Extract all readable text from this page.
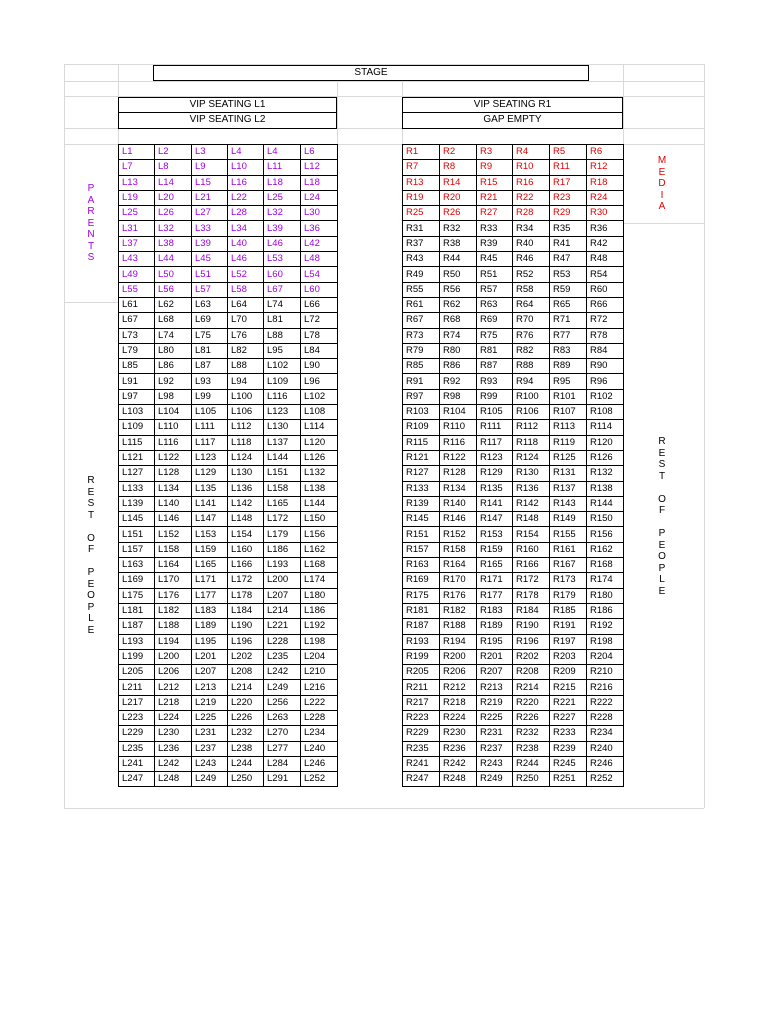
STAGE
VIP SEATING L1
VIP SEATING L2
VIP SEATING R1
GAP EMPTY
P
A
R
E
N
T
S
M
E
D
I
A
R
E
S
T

O
F

P
E
O
P
L
E
R
E
S
T

O
F

P
E
O
P
L
E
L1	L2	L3	L4	L4	L6
L7	L8	L9	L10	L11	L12
L13	L14	L15	L16	L18	L18
L19	L20	L21	L22	L25	L24
L25	L26	L27	L28	L32	L30
L31	L32	L33	L34	L39	L36
L37	L38	L39	L40	L46	L42
L43	L44	L45	L46	L53	L48
L49	L50	L51	L52	L60	L54
L55	L56	L57	L58	L67	L60
L61	L62	L63	L64	L74	L66
L67	L68	L69	L70	L81	L72
L73	L74	L75	L76	L88	L78
L79	L80	L81	L82	L95	L84
L85	L86	L87	L88	L102	L90
L91	L92	L93	L94	L109	L96
L97	L98	L99	L100	L116	L102
L103	L104	L105	L106	L123	L108
L109	L110	L111	L112	L130	L114
L115	L116	L117	L118	L137	L120
L121	L122	L123	L124	L144	L126
L127	L128	L129	L130	L151	L132
L133	L134	L135	L136	L158	L138
L139	L140	L141	L142	L165	L144
L145	L146	L147	L148	L172	L150
L151	L152	L153	L154	L179	L156
L157	L158	L159	L160	L186	L162
L163	L164	L165	L166	L193	L168
L169	L170	L171	L172	L200	L174
L175	L176	L177	L178	L207	L180
L181	L182	L183	L184	L214	L186
L187	L188	L189	L190	L221	L192
L193	L194	L195	L196	L228	L198
L199	L200	L201	L202	L235	L204
L205	L206	L207	L208	L242	L210
L211	L212	L213	L214	L249	L216
L217	L218	L219	L220	L256	L222
L223	L224	L225	L226	L263	L228
L229	L230	L231	L232	L270	L234
L235	L236	L237	L238	L277	L240
L241	L242	L243	L244	L284	L246
L247	L248	L249	L250	L291	L252
R1	R2	R3	R4	R5	R6
R7	R8	R9	R10	R11	R12
R13	R14	R15	R16	R17	R18
R19	R20	R21	R22	R23	R24
R25	R26	R27	R28	R29	R30
R31	R32	R33	R34	R35	R36
R37	R38	R39	R40	R41	R42
R43	R44	R45	R46	R47	R48
R49	R50	R51	R52	R53	R54
R55	R56	R57	R58	R59	R60
R61	R62	R63	R64	R65	R66
R67	R68	R69	R70	R71	R72
R73	R74	R75	R76	R77	R78
R79	R80	R81	R82	R83	R84
R85	R86	R87	R88	R89	R90
R91	R92	R93	R94	R95	R96
R97	R98	R99	R100	R101	R102
R103	R104	R105	R106	R107	R108
R109	R110	R111	R112	R113	R114
R115	R116	R117	R118	R119	R120
R121	R122	R123	R124	R125	R126
R127	R128	R129	R130	R131	R132
R133	R134	R135	R136	R137	R138
R139	R140	R141	R142	R143	R144
R145	R146	R147	R148	R149	R150
R151	R152	R153	R154	R155	R156
R157	R158	R159	R160	R161	R162
R163	R164	R165	R166	R167	R168
R169	R170	R171	R172	R173	R174
R175	R176	R177	R178	R179	R180
R181	R182	R183	R184	R185	R186
R187	R188	R189	R190	R191	R192
R193	R194	R195	R196	R197	R198
R199	R200	R201	R202	R203	R204
R205	R206	R207	R208	R209	R210
R211	R212	R213	R214	R215	R216
R217	R218	R219	R220	R221	R222
R223	R224	R225	R226	R227	R228
R229	R230	R231	R232	R233	R234
R235	R236	R237	R238	R239	R240
R241	R242	R243	R244	R245	R246
R247	R248	R249	R250	R251	R252
